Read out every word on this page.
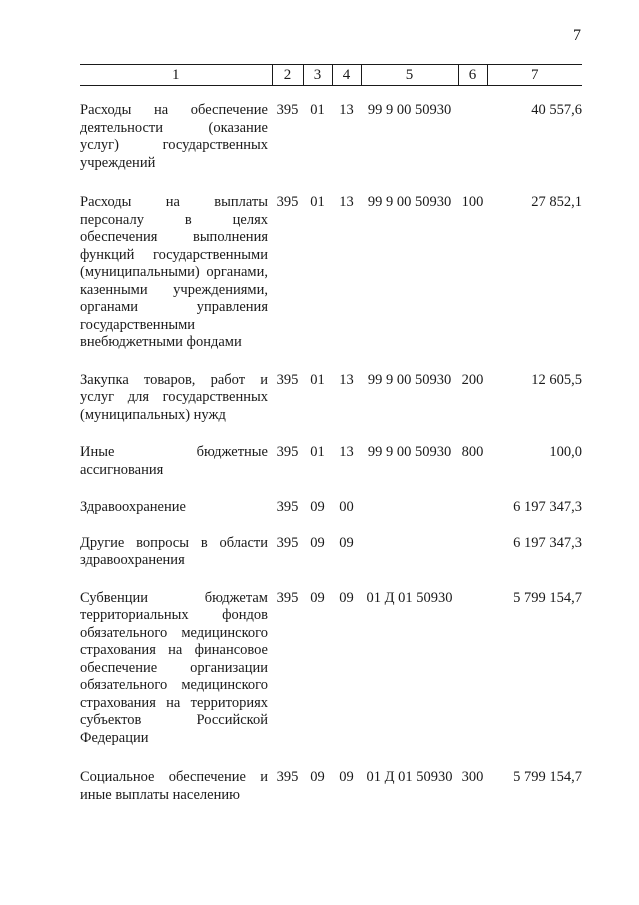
7
1	2	3	4	5	6	7

Расходы на обеспечение деятельности (оказание услуг) государственных учреждений	395	01	13	99 9 00 50930		40 557,6

Расходы на выплаты персоналу в целях обеспечения выполнения функций государственными (муниципальными) органами, казенными учреждениями, органами управления государственными внебюджетными фондами	395	01	13	99 9 00 50930	100	27 852,1

Закупка товаров, работ и услуг для государственных (муниципальных) нужд	395	01	13	99 9 00 50930	200	12 605,5

Иные бюджетные ассигнования	395	01	13	99 9 00 50930	800	100,0

Здравоохранение	395	09	00			6 197 347,3

Другие вопросы в области здравоохранения	395	09	09			6 197 347,3

Субвенции бюджетам территориальных фондов обязательного медицинского страхования на финансовое обеспечение организации обязательного медицинского страхования на территориях субъектов Российской Федерации	395	09	09	01 Д 01 50930		5 799 154,7

Социальное обеспечение и иные выплаты населению	395	09	09	01 Д 01 50930	300	5 799 154,7
